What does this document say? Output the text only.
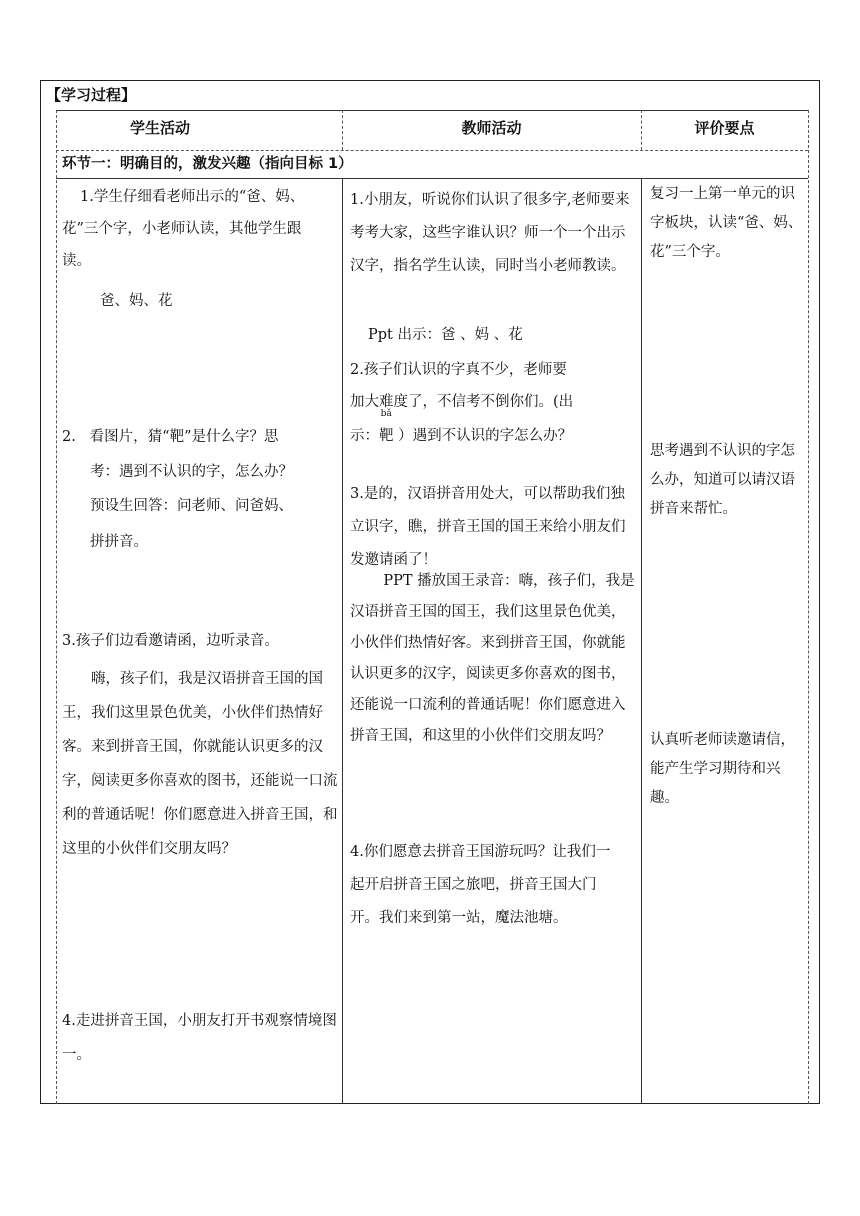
【学习过程】
学生活动	教师活动	评价要点
环节一：明确目的，激发兴趣（指向目标 1）
1.学生仔细看老师出示的“爸、妈、
花”三个字，小老师认读，其他学生跟
读。
爸、妈、花
2.   看图片，猜“靶”是什么字？思
考：遇到不认识的字，怎么办？
预设生回答：问老师、问爸妈、
拼拼音。
3.孩子们边看邀请函，边听录音。
嗨，孩子们，我是汉语拼音王国的国王，我们这里景色优美，小伙伴们热情好客。来到拼音王国，你就能认识更多的汉字，阅读更多你喜欢的图书，还能说一口流利的普通话呢！你们愿意进入拼音王国，和这里的小伙伴们交朋友吗？
4.走进拼音王国，小朋友打开书观察情境图一。
1.小朋友，听说你们认识了很多字,老师要来考考大家，这些字谁认识？师一个一个出示汉字，指名学生认读，同时当小老师教读。
Ppt 出示：爸 、妈 、花
2.孩子们认识的字真不少，老师要
加大难度了，不信考不倒你们。(出
示：
bǎ
靶 ）遇到不认识的字怎么办？
3.是的，汉语拼音用处大，可以帮助我们独立识字，瞧，拼音王国的国王来给小朋友们发邀请函了！
PPT 播放国王录音：嗨，孩子们，我是汉语拼音王国的国王，我们这里景色优美，小伙伴们热情好客。来到拼音王国，你就能认识更多的汉字，阅读更多你喜欢的图书，还能说一口流利的普通话呢！你们愿意进入拼音王国，和这里的小伙伴们交朋友吗？
4.你们愿意去拼音王国游玩吗？让我们一起开启拼音王国之旅吧，拼音王国大门开。我们来到第一站，魔法池塘。
复习一上第一单元的识字板块，认读“爸、妈、花”三个字。
思考遇到不认识的字怎么办，知道可以请汉语拼音来帮忙。
认真听老师读邀请信，能产生学习期待和兴趣。
